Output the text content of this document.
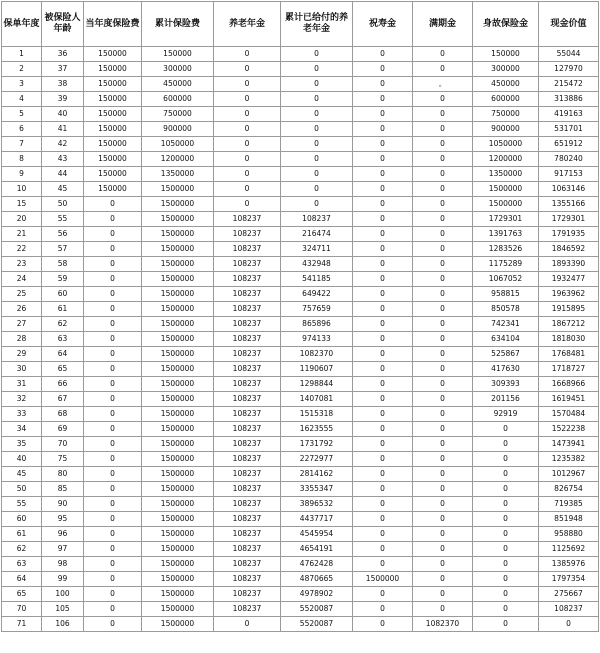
保单年度	被保险人年龄	当年度保险费	累计保险费	养老年金	累计已给付的养老年金	祝寿金	满期金	身故保险金	现金价值
1	36	150000	150000	0	0	0	0	150000	55044
2	37	150000	300000	0	0	0	0	300000	127970
3	38	150000	450000	0	0	0	。	450000	215472
4	39	150000	600000	0	0	0	0	600000	313886
5	40	150000	750000	0	0	0	0	750000	419163
6	41	150000	900000	0	0	0	0	900000	531701
7	42	150000	1050000	0	0	0	0	1050000	651912
8	43	150000	1200000	0	0	0	0	1200000	780240
9	44	150000	1350000	0	0	0	0	1350000	917153
10	45	150000	1500000	0	0	0	0	1500000	1063146
15	50	0	1500000	0	0	0	0	1500000	1355166
20	55	0	1500000	108237	108237	0	0	1729301	1729301
21	56	0	1500000	108237	216474	0	0	1391763	1791935
22	57	0	1500000	108237	324711	0	0	1283526	1846592
23	58	0	1500000	108237	432948	0	0	1175289	1893390
24	59	0	1500000	108237	541185	0	0	1067052	1932477
25	60	0	1500000	108237	649422	0	0	958815	1963962
26	61	0	1500000	108237	757659	0	0	850578	1915895
27	62	0	1500000	108237	865896	0	0	742341	1867212
28	63	0	1500000	108237	974133	0	0	634104	1818030
29	64	0	1500000	108237	1082370	0	0	525867	1768481
30	65	0	1500000	108237	1190607	0	0	417630	1718727
31	66	0	1500000	108237	1298844	0	0	309393	1668966
32	67	0	1500000	108237	1407081	0	0	201156	1619451
33	68	0	1500000	108237	1515318	0	0	92919	1570484
34	69	0	1500000	108237	1623555	0	0	0	1522238
35	70	0	1500000	108237	1731792	0	0	0	1473941
40	75	0	1500000	108237	2272977	0	0	0	1235382
45	80	0	1500000	108237	2814162	0	0	0	1012967
50	85	0	1500000	108237	3355347	0	0	0	826754
55	90	0	1500000	108237	3896532	0	0	0	719385
60	95	0	1500000	108237	4437717	0	0	0	851948
61	96	0	1500000	108237	4545954	0	0	0	958880
62	97	0	1500000	108237	4654191	0	0	0	1125692
63	98	0	1500000	108237	4762428	0	0	0	1385976
64	99	0	1500000	108237	4870665	1500000	0	0	1797354
65	100	0	1500000	108237	4978902	0	0	0	275667
70	105	0	1500000	108237	5520087	0	0	0	108237
71	106	0	1500000	0	5520087	0	1082370	0	0
